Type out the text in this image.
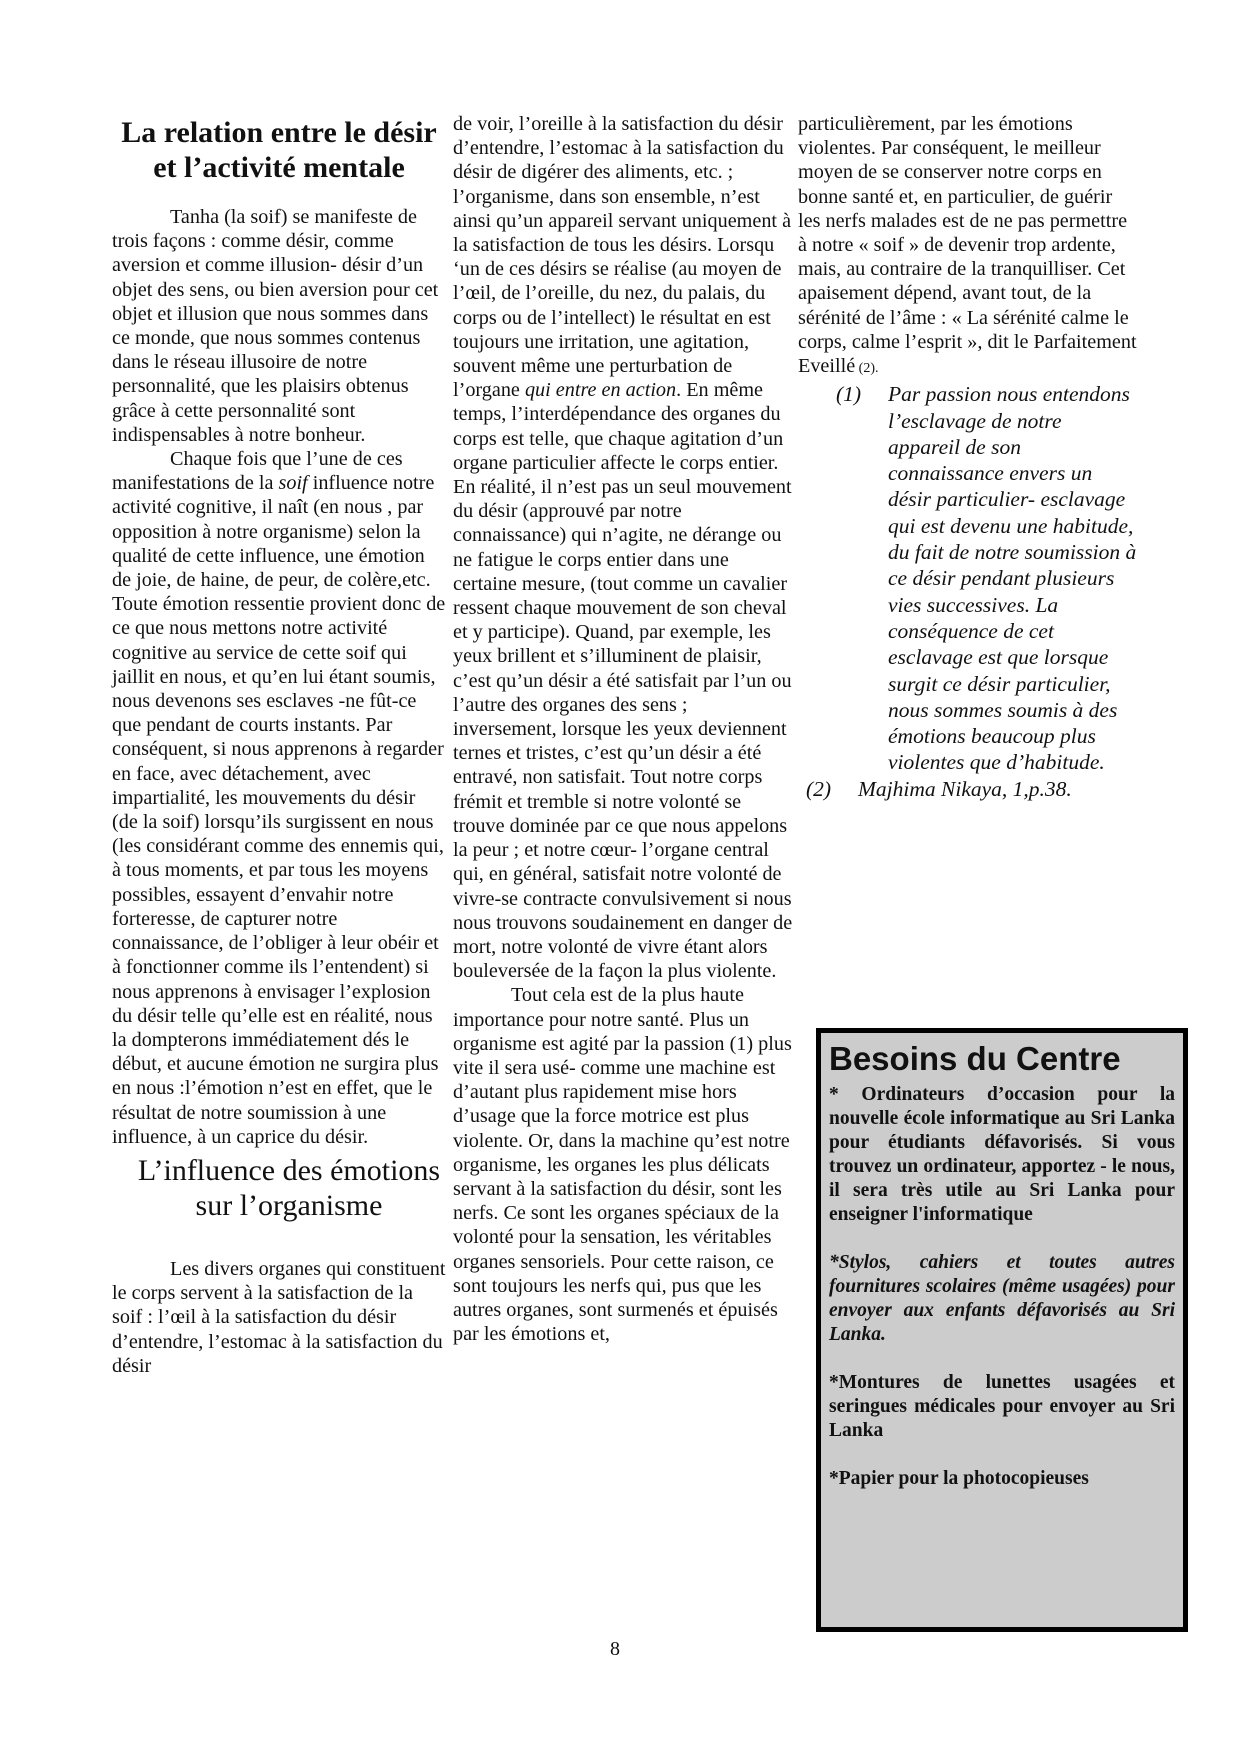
La relation entre le désir et l’activité mentale

Tanha (la soif) se manifeste de trois façons : comme désir, comme aversion et comme illusion- désir d’un objet des sens, ou bien aversion pour cet objet et illusion que nous sommes dans ce monde, que nous sommes contenus dans le réseau illusoire de notre personnalité, que les plaisirs obtenus grâce à cette personnalité sont indispensables à notre bonheur.

Chaque fois que l’une de ces manifestations de la soif influence notre activité cognitive, il naît (en nous , par opposition à notre organisme) selon la qualité de cette influence, une émotion de joie, de haine, de peur, de colère,etc. Toute émotion ressentie provient donc de ce que nous mettons notre activité cognitive au service de cette soif qui jaillit en nous, et qu’en lui étant soumis, nous devenons ses esclaves -ne fût-ce que pendant de courts instants. Par conséquent, si nous apprenons à regarder en face, avec détachement, avec impartialité, les mouvements du désir (de la soif) lorsqu’ils surgissent en nous (les considérant comme des ennemis qui, à tous moments, et par tous les moyens possibles, essayent d’envahir notre forteresse, de capturer notre connaissance, de l’obliger à leur obéir et à fonctionner comme ils l’entendent) si nous apprenons à envisager l’explosion du désir telle qu’elle est en réalité, nous la dompterons immédiatement dés le début, et aucune émotion ne surgira plus en nous :l’émotion n’est en effet, que le résultat de notre soumission à une influence, à un caprice du désir.

L’influence des émotions sur l’organisme

Les divers organes qui constituent le corps servent à la satisfaction de la soif : l’œil à la satisfaction du désir d’entendre, l’estomac à la satisfaction du désir

de voir, l’oreille à la satisfaction du désir d’entendre, l’estomac à la satisfaction du désir de digérer des aliments, etc. ; l’organisme, dans son ensemble, n’est ainsi qu’un appareil servant uniquement à la satisfaction de tous les désirs. Lorsqu ‘un de ces désirs se réalise (au moyen de l’œil, de l’oreille, du nez, du palais, du corps ou de l’intellect) le résultat en est toujours une irritation, une agitation, souvent même une perturbation de l’organe qui entre en action. En même temps, l’interdépendance des organes du corps est telle, que chaque agitation d’un organe particulier affecte le corps entier. En réalité, il n’est pas un seul mouvement du désir (approuvé par notre connaissance) qui n’agite, ne dérange ou ne fatigue le corps entier dans une certaine mesure, (tout comme un cavalier ressent chaque mouvement de son cheval et y participe). Quand, par exemple, les yeux brillent et s’illuminent de plaisir, c’est qu’un désir a été satisfait par l’un ou l’autre des organes des sens ; inversement, lorsque les yeux deviennent ternes et tristes, c’est qu’un désir a été entravé, non satisfait. Tout notre corps frémit et tremble si notre volonté se trouve dominée par ce que nous appelons la peur ; et notre cœur- l’organe central qui, en général, satisfait notre volonté de vivre-se contracte convulsivement si nous nous trouvons soudainement en danger de mort, notre volonté de vivre étant alors bouleversée de la façon la plus violente.

Tout cela est de la plus haute importance pour notre santé. Plus un organisme est agité par la passion (1) plus vite il sera usé- comme une machine est d’autant plus rapidement mise hors d’usage que la force motrice est plus violente. Or, dans la machine qu’est notre organisme, les organes les plus délicats servant à la satisfaction du désir, sont les nerfs. Ce sont les organes spéciaux de la volonté pour la sensation, les véritables organes sensoriels. Pour cette raison, ce sont toujours les nerfs qui, pus que les autres organes, sont surmenés et épuisés par les émotions et,

particulièrement, par les émotions violentes. Par conséquent, le meilleur moyen de se conserver notre corps en bonne santé et, en particulier, de guérir les nerfs malades est de ne pas permettre à notre « soif » de devenir trop ardente, mais, au contraire de la tranquilliser. Cet apaisement dépend, avant tout, de la sérénité de l’âme : « La sérénité calme le corps, calme l’esprit », dit le Parfaitement Eveillé (2).

(1)	Par passion nous entendons l’esclavage de notre appareil de son connaissance envers un désir particulier- esclavage qui est devenu une habitude, du fait de notre soumission à ce désir pendant plusieurs vies successives. La conséquence de cet esclavage est que lorsque surgit ce désir particulier, nous sommes soumis à des émotions beaucoup plus violentes que d’habitude.
(2)	Majhima Nikaya, 1,p.38.
Besoins du Centre

* Ordinateurs d’occasion pour la nouvelle école informatique au Sri Lanka pour étudiants défavorisés. Si vous trouvez un ordinateur, apportez - le nous, il sera très utile au Sri Lanka pour enseigner l'informatique

*Stylos, cahiers et toutes autres fournitures scolaires (même usagées) pour envoyer aux enfants défavorisés au Sri Lanka.

*Montures de lunettes usagées et seringues médicales pour envoyer au Sri Lanka

*Papier pour la photocopieuses

8
